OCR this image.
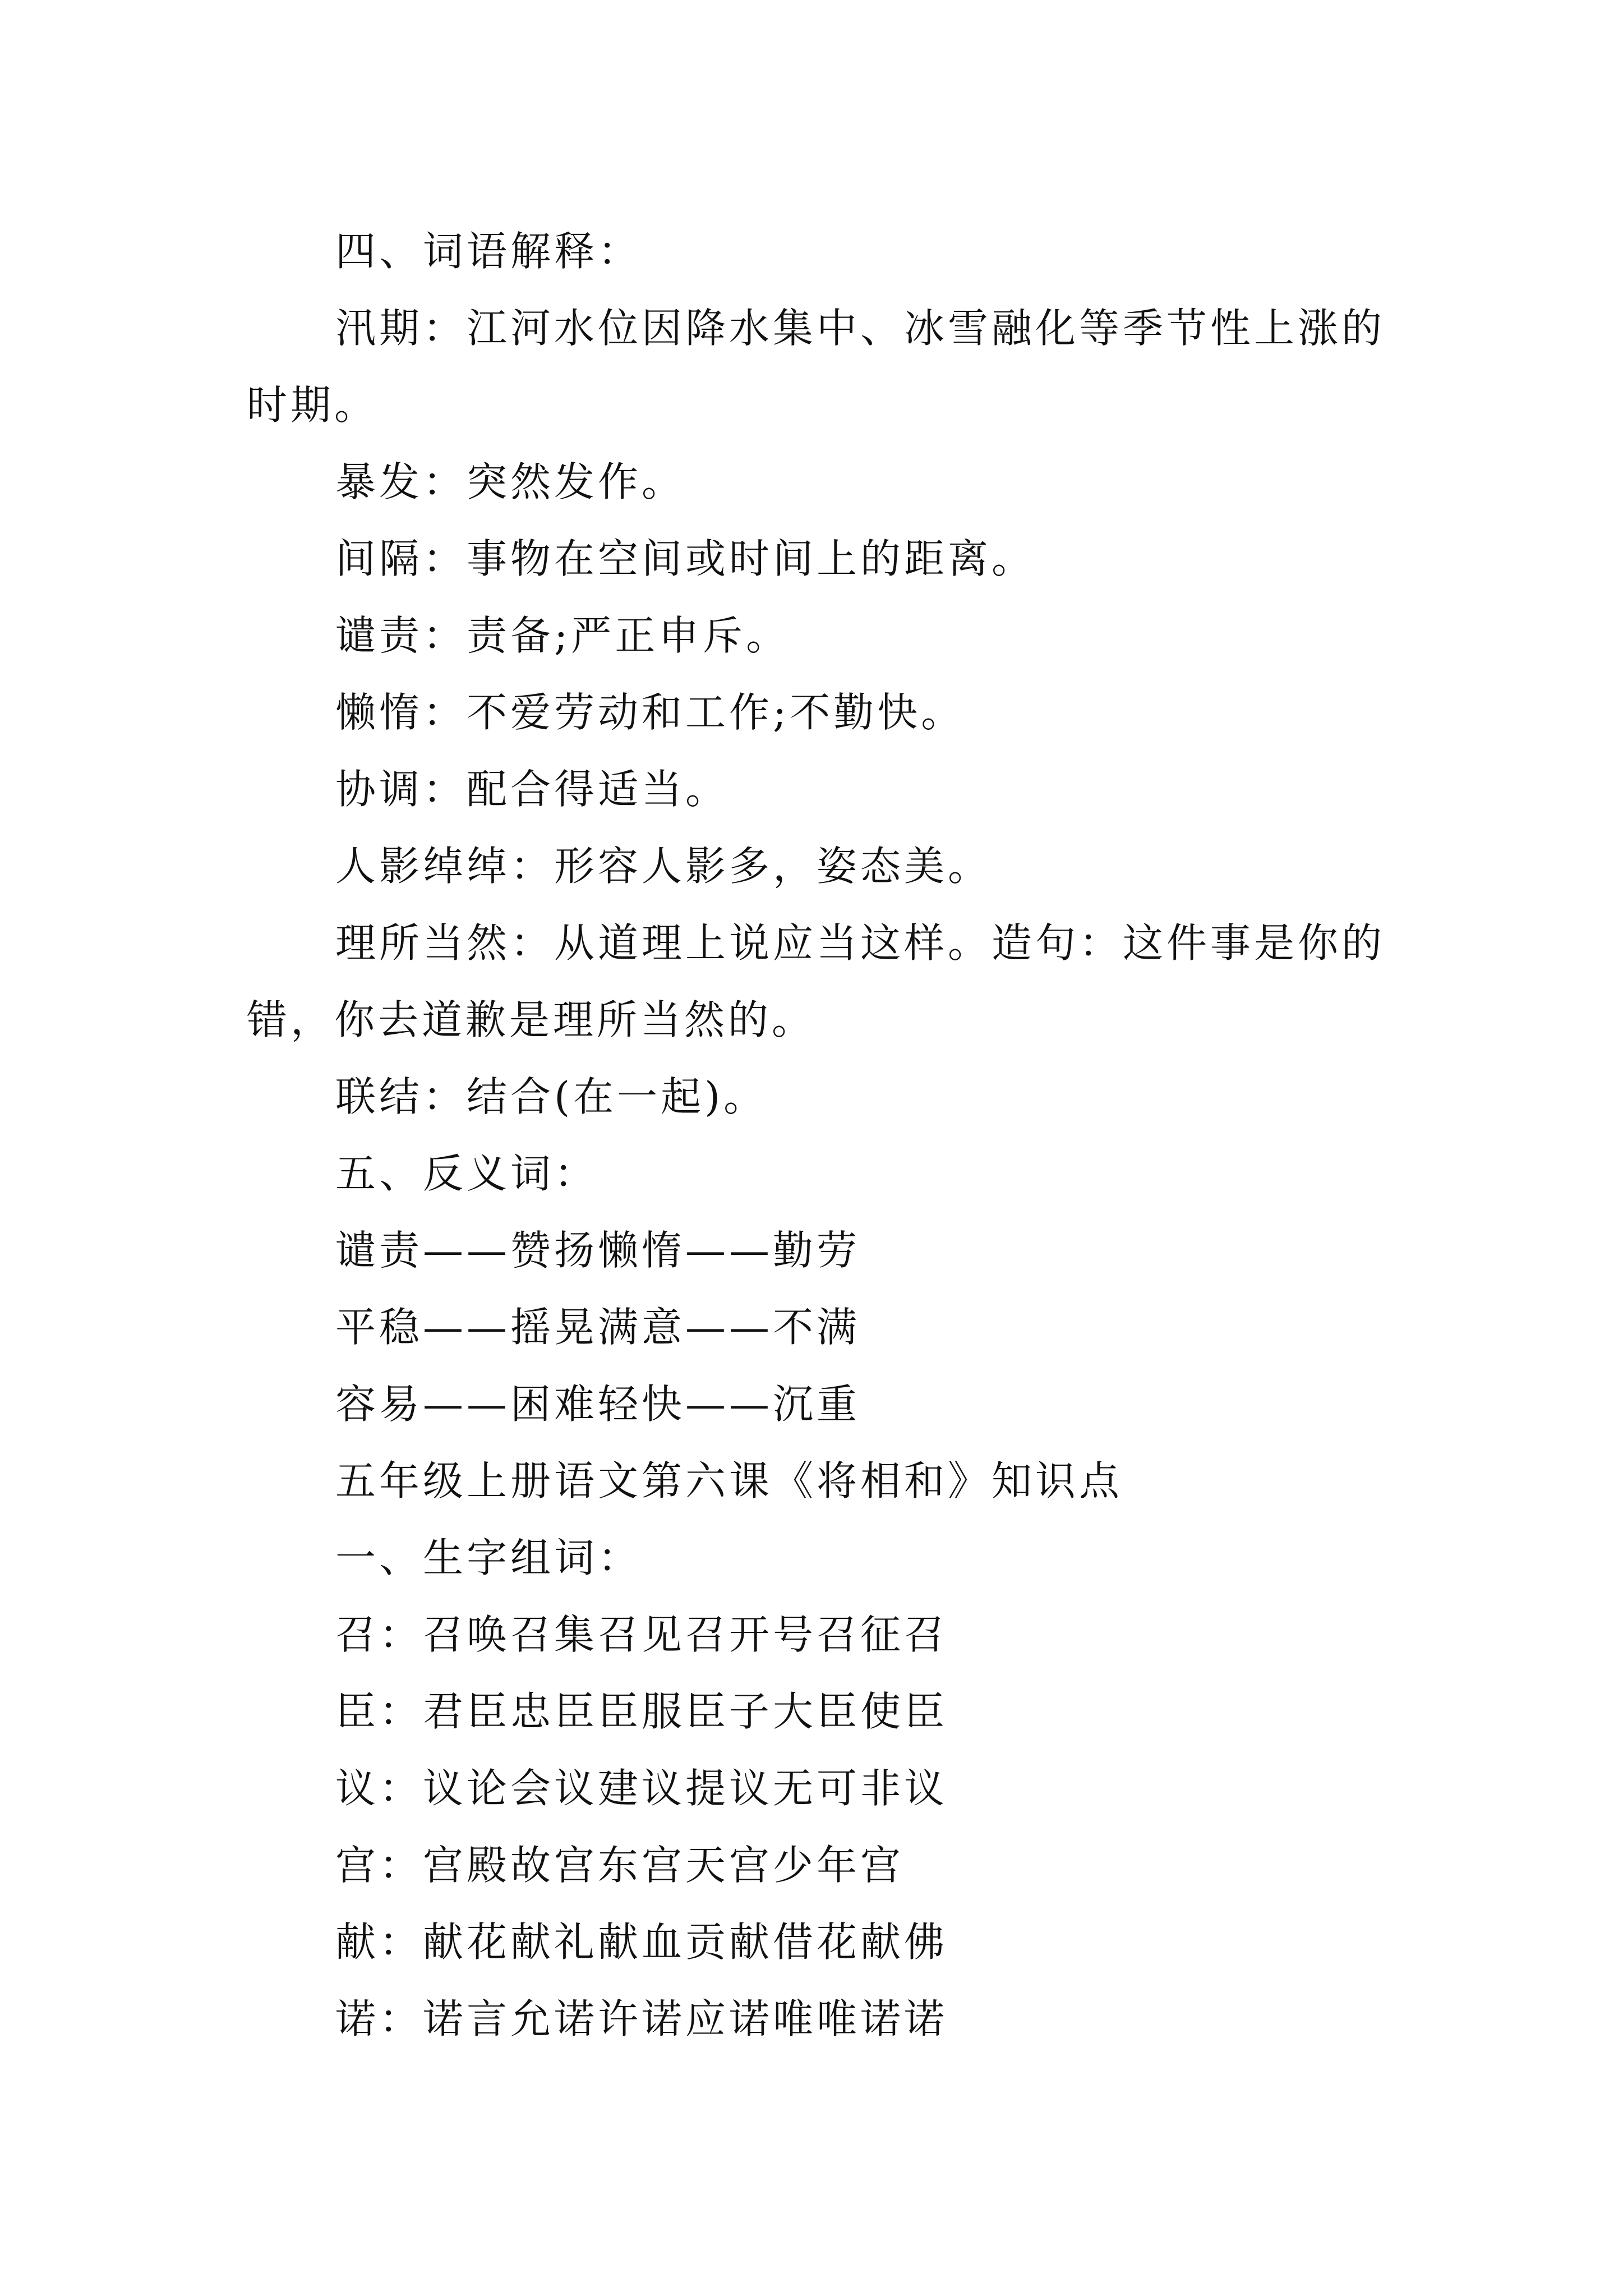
四、词语解释：

汛期：江河水位因降水集中、冰雪融化等季节性上涨的时期。

暴发：突然发作。

间隔：事物在空间或时间上的距离。

谴责：责备;严正申斥。

懒惰：不爱劳动和工作;不勤快。

协调：配合得适当。

人影绰绰：形容人影多，姿态美。

理所当然：从道理上说应当这样。造句：这件事是你的错，你去道歉是理所当然的。

联结：结合(在一起)。

五、反义词：

谴责——赞扬懒惰——勤劳

平稳——摇晃满意——不满

容易——困难轻快——沉重

五年级上册语文第六课《将相和》知识点

一、生字组词：

召：召唤召集召见召开号召征召

臣：君臣忠臣臣服臣子大臣使臣

议：议论会议建议提议无可非议

宫：宫殿故宫东宫天宫少年宫

献：献花献礼献血贡献借花献佛

诺：诺言允诺许诺应诺唯唯诺诺
